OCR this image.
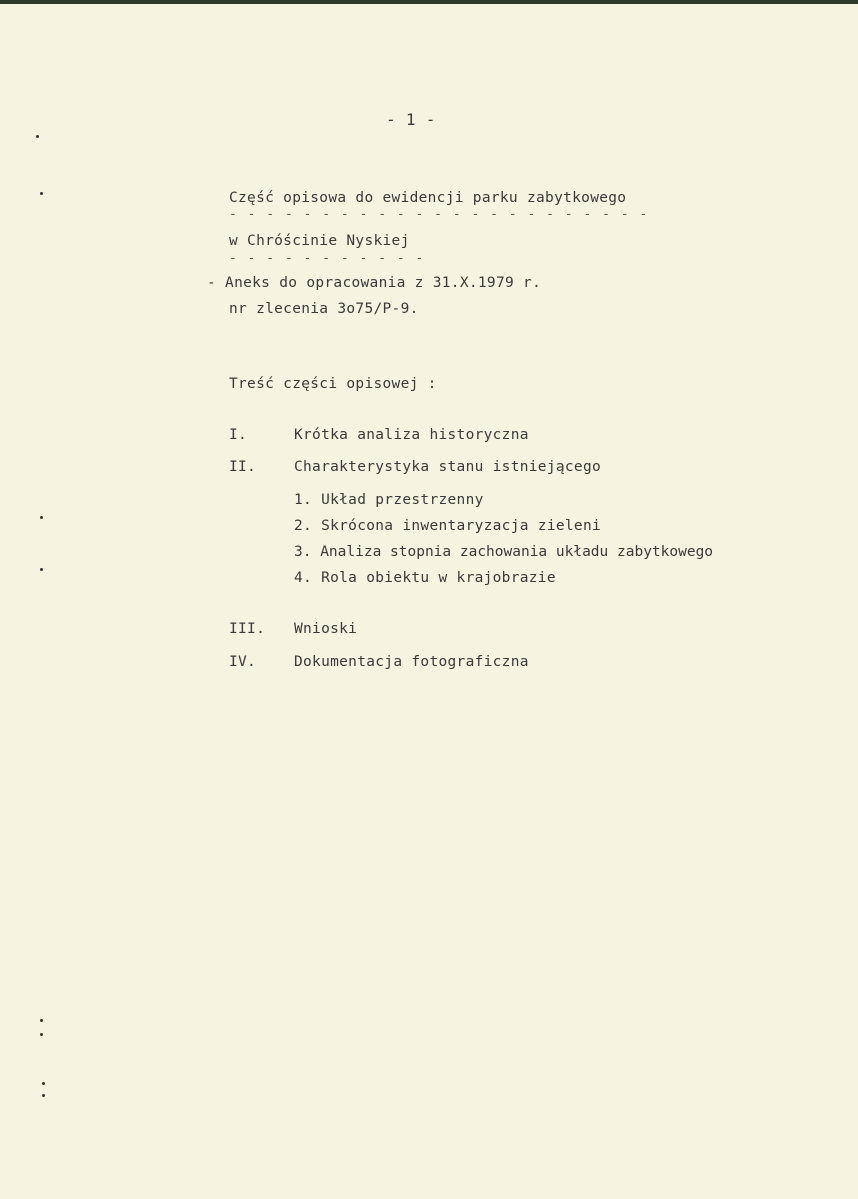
- 1 -
Część opisowa do ewidencji parku zabytkowego
- - - - - - - - - - - - - - - - - - - - - - -
w Chróścinie Nyskiej
- - - - - - - - - - -
- Aneks do opracowania z 31.X.1979 r.
nr zlecenia 3o75/P-9.
Treść części opisowej :
I.	Krótka analiza historyczna
II.	Charakterystyka stanu istniejącego
1. Układ przestrzenny
2. Skrócona inwentaryzacja zieleni
3. Analiza stopnia zachowania układu zabytkowego
4. Rola obiektu w krajobrazie
III. Wnioski
IV.	Dokumentacja fotograficzna
